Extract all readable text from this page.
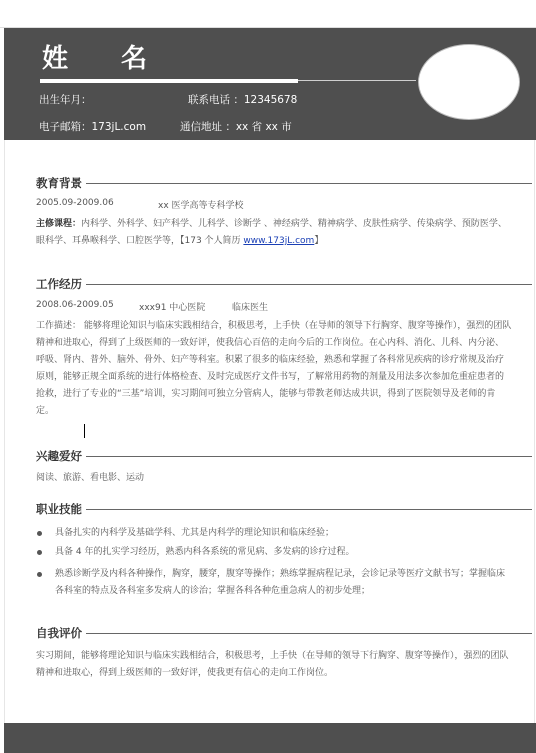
姓 名
出生年月：	联系电话 ：12345678
电子邮箱：173jL.com	通信地址 ：xx 省 xx 市
教育背景
2005.09-2009.06	xx 医学高等专科学校
主修课程：内科学、外科学、妇产科学、儿科学、诊断学 、神经病学、精神病学、皮肤性病学、传染病学、预防医学、眼科学、耳鼻喉科学、口腔医学等，【173 个人简历 www.173jL.com】
工作经历
2008.06-2009.05	xxx91 中心医院	临床医生
工作描述： 能够将理论知识与临床实践相结合，积极思考，上手快（在导师的领导下行胸穿、腹穿等操作），强烈的团队精神和进取心，得到了上级医师的一致好评，使我信心百倍的走向今后的工作岗位。在心内科、消化、儿科、内分泌、呼吸、肾内、普外、脑外、骨外、妇产等科室。积累了很多的临床经验，熟悉和掌握了各科常见疾病的诊疗常规及治疗原则，能够正规全面系统的进行体格检查、及时完成医疗文件书写，了解常用药物的剂量及用法多次参加危重症患者的抢救，进行了专业的“三基”培训，实习期间可独立分管病人，能够与带教老师达成共识，得到了医院领导及老师的肯定。
兴趣爱好
阅读、旅游、看电影、运动
职业技能
具备扎实的内科学及基础学科、尤其是内科学的理论知识和临床经验；
具备 4 年的扎实学习经历，熟悉内科各系统的常见病、多发病的诊疗过程。
熟悉诊断学及内科各种操作，胸穿，腰穿，腹穿等操作；熟练掌握病程记录，会诊记录等医疗文献书写；掌握临床各科室的特点及各科室多发病人的诊治；掌握各科各种危重急病人的初步处理；
自我评价
实习期间，能够将理论知识与临床实践相结合，积极思考，上手快（在导师的领导下行胸穿、腹穿等操作），强烈的团队精神和进取心，得到上级医师的一致好评，使我更有信心的走向工作岗位。
